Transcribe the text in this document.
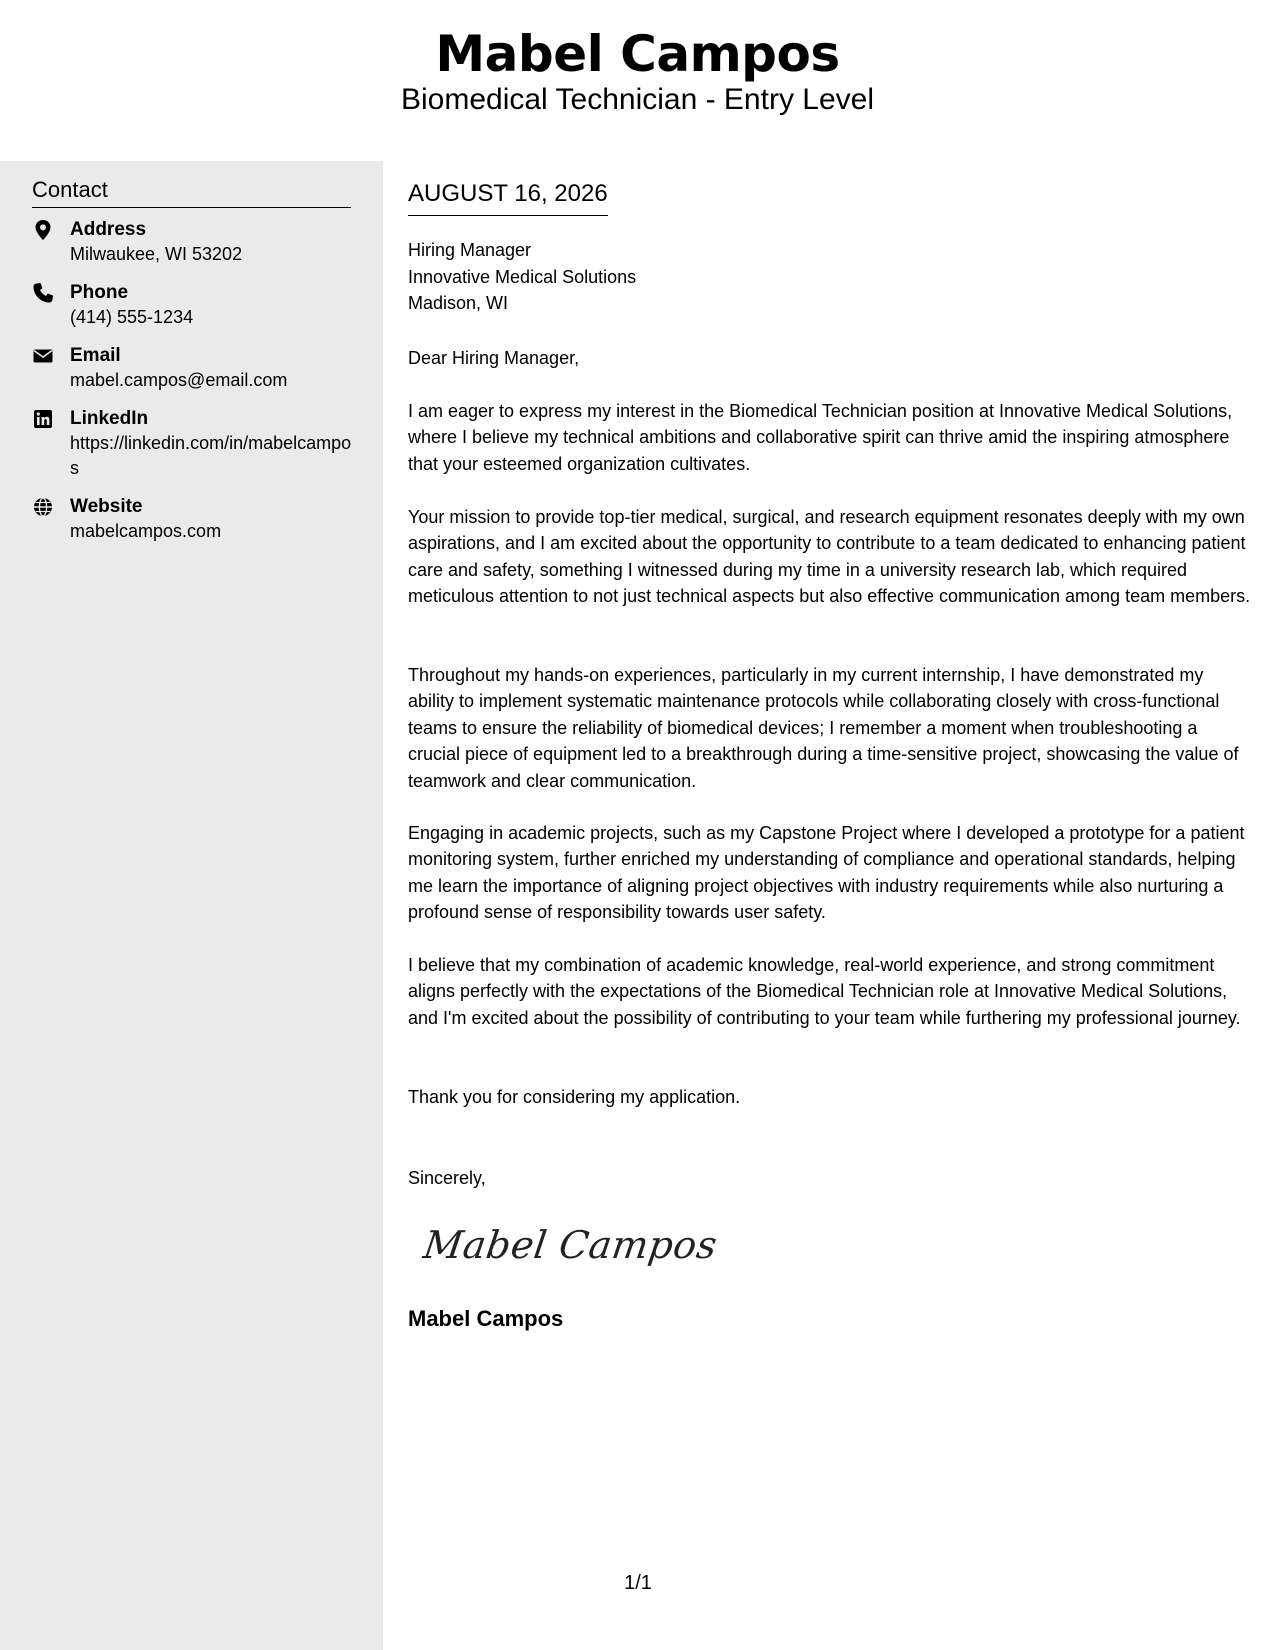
Mabel Campos
Biomedical Technician - Entry Level
Contact
Address
Milwaukee, WI 53202
Phone
(414) 555-1234
Email
mabel.campos@email.com
LinkedIn
https://linkedin.com/in/mabelcampos
Website
mabelcampos.com
AUGUST 16, 2026
Hiring Manager
Innovative Medical Solutions
Madison, WI

Dear Hiring Manager,

I am eager to express my interest in the Biomedical Technician position at Innovative Medical Solutions, where I believe my technical ambitions and collaborative spirit can thrive amid the inspiring atmosphere that your esteemed organization cultivates.

Your mission to provide top-tier medical, surgical, and research equipment resonates deeply with my own aspirations, and I am excited about the opportunity to contribute to a team dedicated to enhancing patient care and safety, something I witnessed during my time in a university research lab, which required meticulous attention to not just technical aspects but also effective communication among team members.

Throughout my hands-on experiences, particularly in my current internship, I have demonstrated my ability to implement systematic maintenance protocols while collaborating closely with cross-functional teams to ensure the reliability of biomedical devices; I remember a moment when troubleshooting a crucial piece of equipment led to a breakthrough during a time-sensitive project, showcasing the value of teamwork and clear communication.

Engaging in academic projects, such as my Capstone Project where I developed a prototype for a patient monitoring system, further enriched my understanding of compliance and operational standards, helping me learn the importance of aligning project objectives with industry requirements while also nurturing a profound sense of responsibility towards user safety.

I believe that my combination of academic knowledge, real-world experience, and strong commitment aligns perfectly with the expectations of the Biomedical Technician role at Innovative Medical Solutions, and I'm excited about the possibility of contributing to your team while furthering my professional journey.

Thank you for considering my application.

Sincerely,
Mabel Campos
Mabel Campos
1/1
